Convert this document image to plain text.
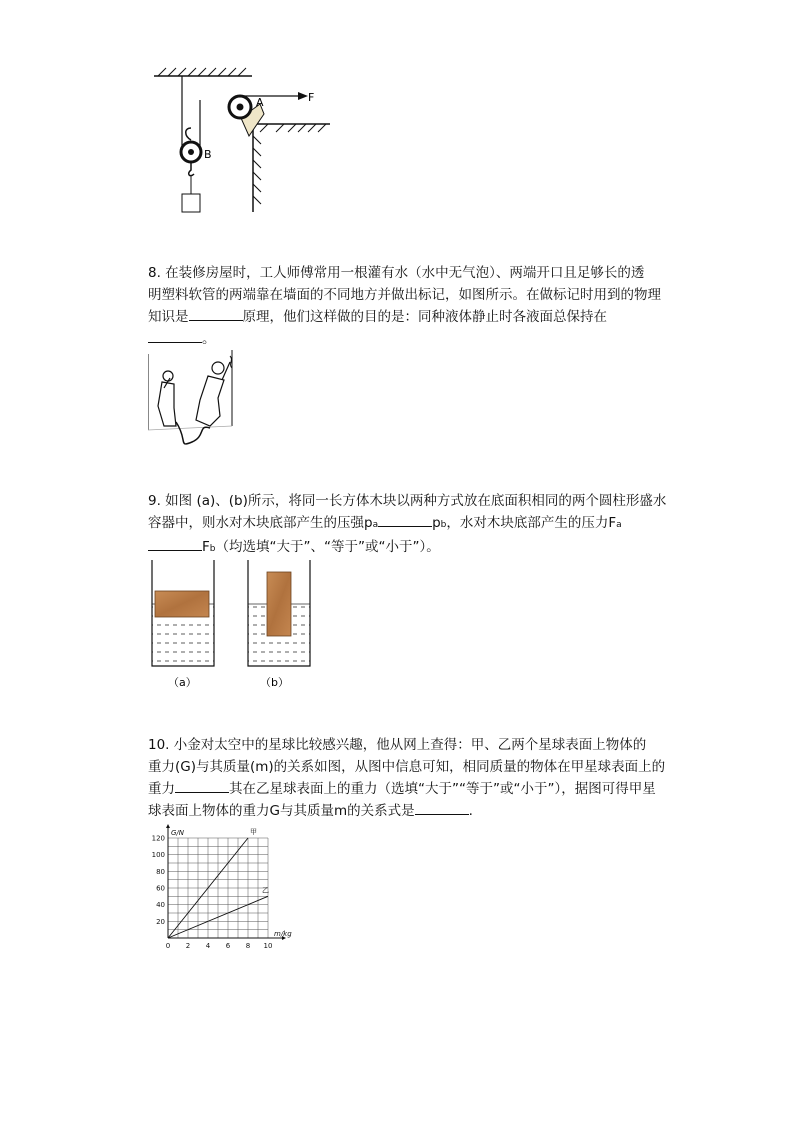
A
B
F
8. 在装修房屋时，工人师傅常用一根灌有水（水中无气泡）、两端开口且足够长的透
明塑料软管的两端靠在墙面的不同地方并做出标记，如图所示。在做标记时用到的物理
知识是	原理，他们这样做的目的是：同种液体静止时各液面总保持在
。
9. 如图 (a)、(b)所示，将同一长方体木块以两种方式放在底面积相同的两个圆柱形盛水
容器中，则水对木块底部产生的压强pa	pb，水对木块底部产生的压力Fa
Fb（均选填“大于”、“等于”或“小于”）。
（a）	（b）
10. 小金对太空中的星球比较感兴趣，他从网上查得：甲、乙两个星球表面上物体的
重力(G)与其质量(m)的关系如图，从图中信息可知，相同质量的物体在甲星球表面上的
重力	其在乙星球表面上的重力（选填“大于”“等于”或“小于”），据图可得甲星
球表面上物体的重力G与其质量m的关系式是	.
0 2 4 6 8 10
20
40
60
80
100
120
m/kg
G/N	甲
乙
